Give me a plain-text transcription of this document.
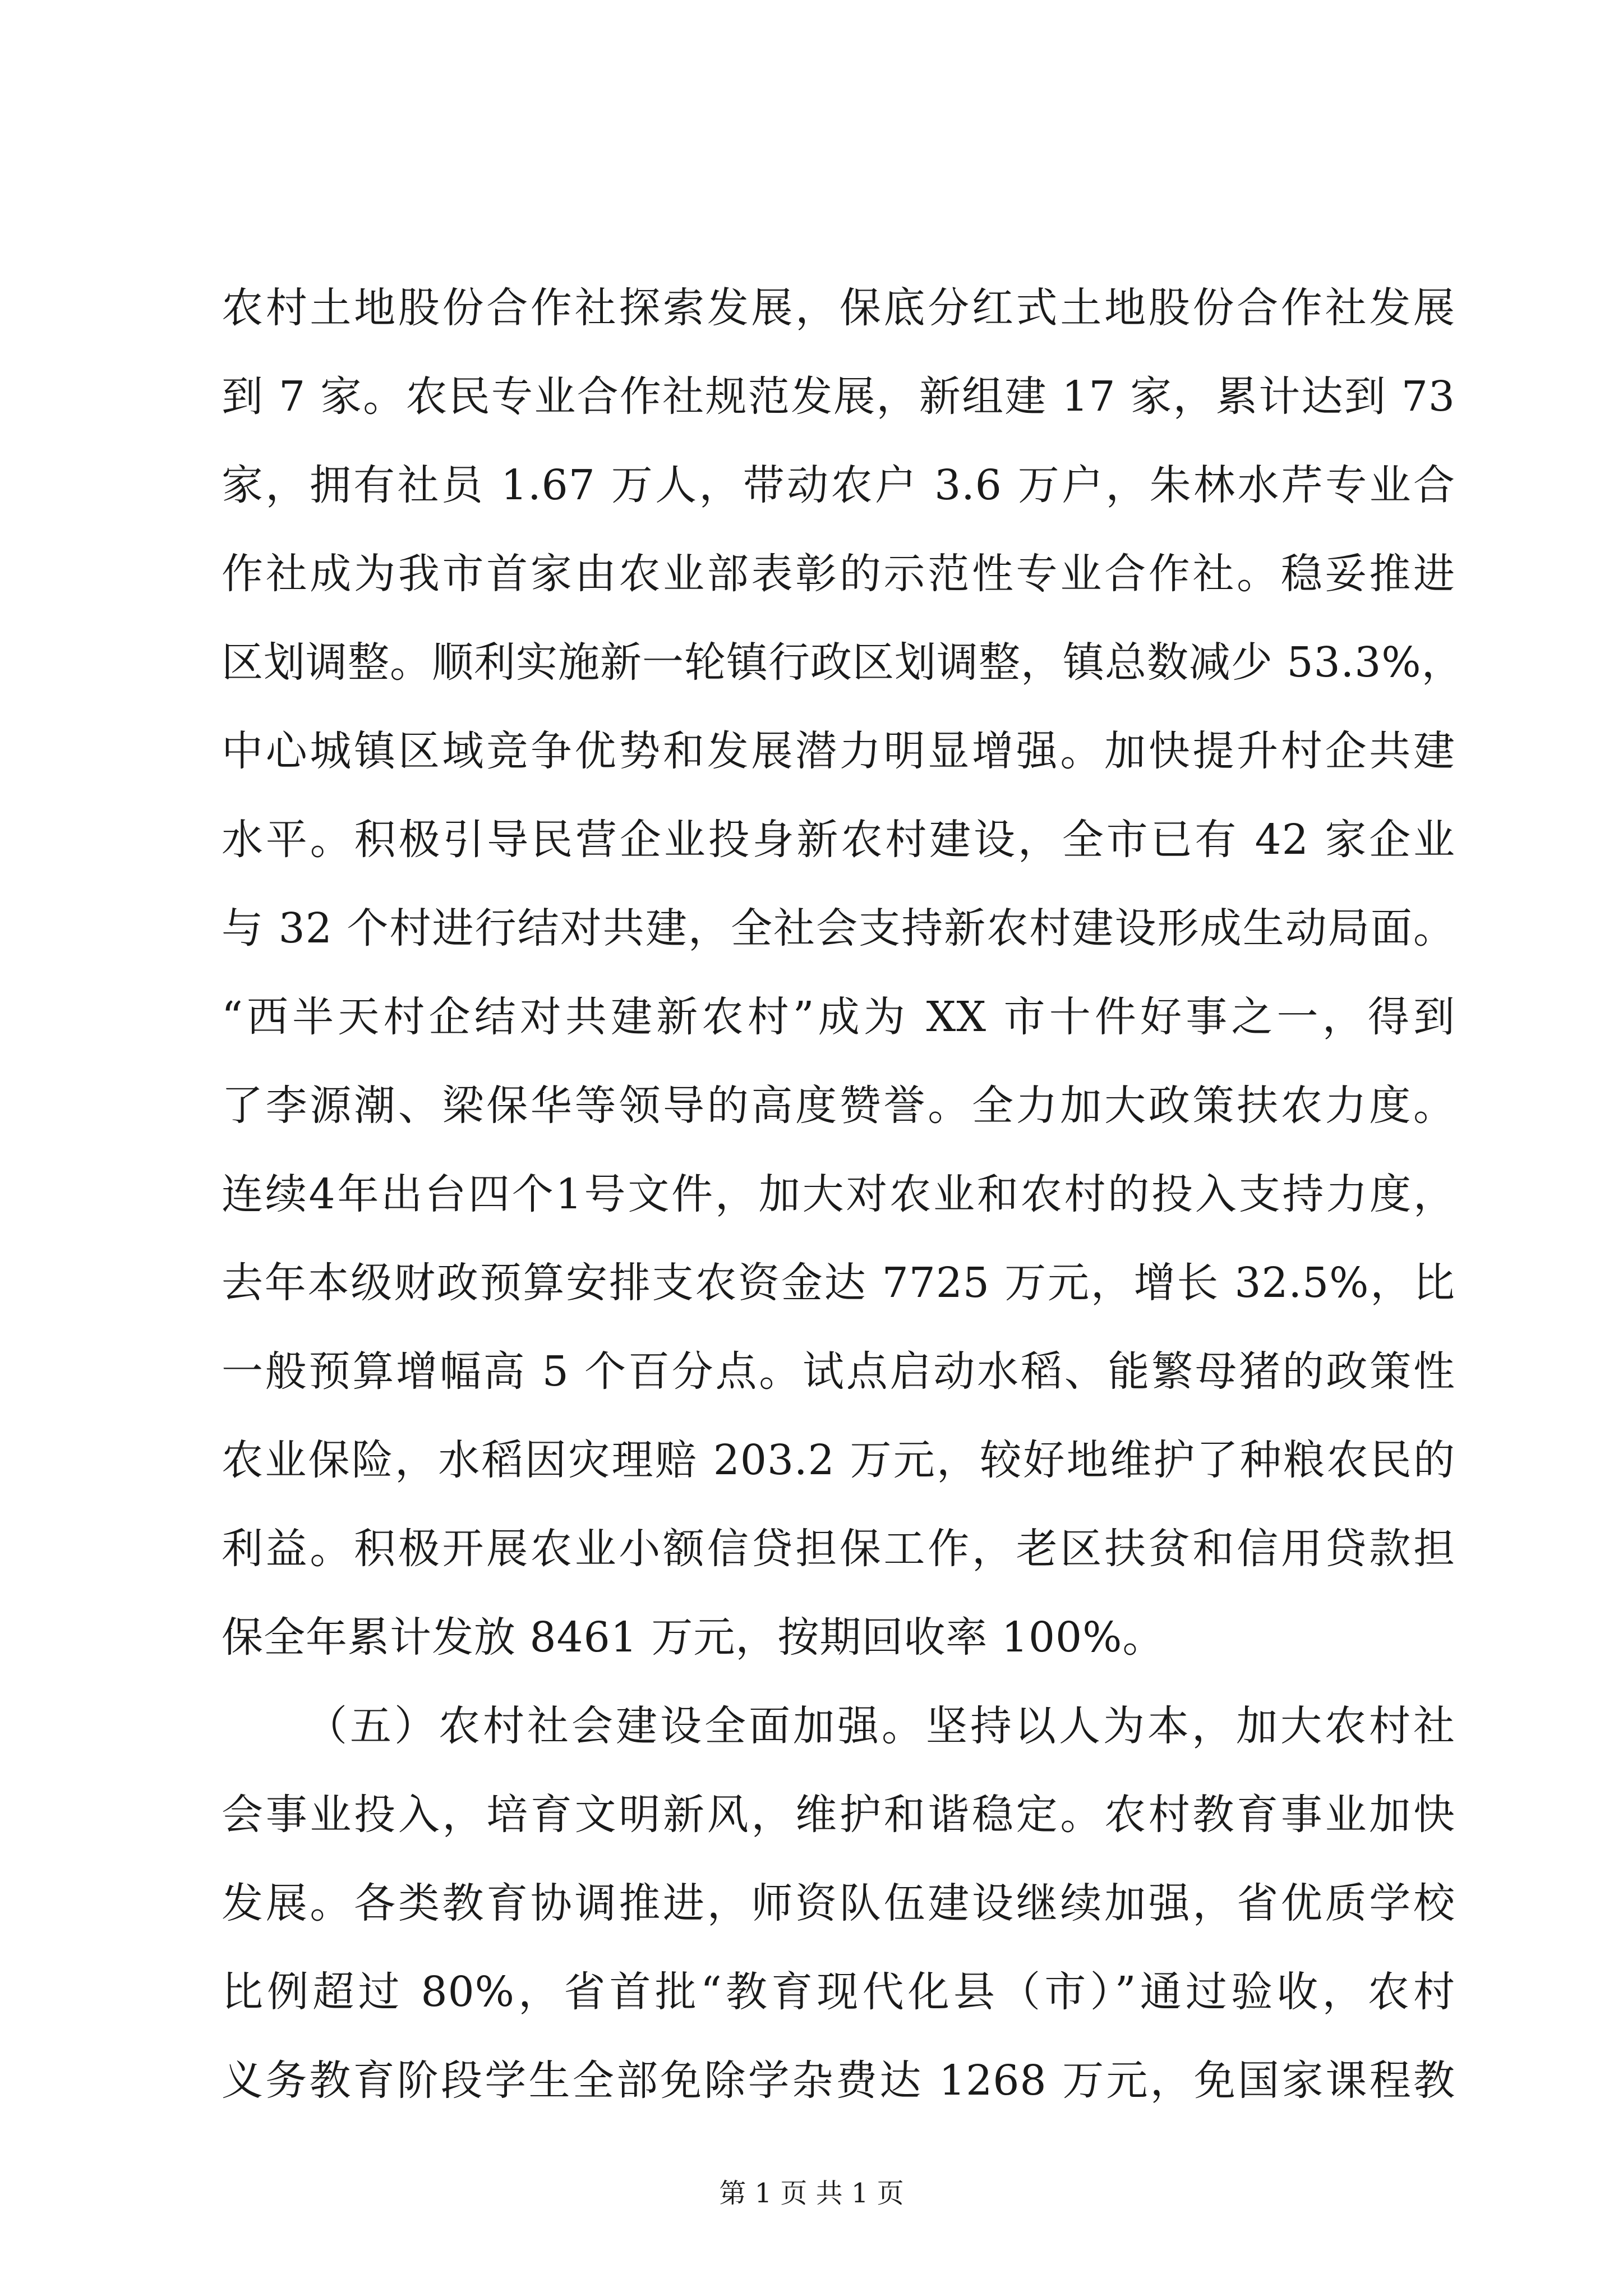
农村土地股份合作社探索发展，保底分红式土地股份合作社发展
到 7 家。农民专业合作社规范发展，新组建 17 家，累计达到 73
家，拥有社员 1.67 万人，带动农户 3.6 万户，朱林水芹专业合
作社成为我市首家由农业部表彰的示范性专业合作社。稳妥推进
区划调整。顺利实施新一轮镇行政区划调整，镇总数减少 53.3%，
中心城镇区域竞争优势和发展潜力明显增强。加快提升村企共建
水平。积极引导民营企业投身新农村建设，全市已有 42 家企业
与 32 个村进行结对共建，全社会支持新农村建设形成生动局面。
“西半天村企结对共建新农村”成为 XX 市十件好事之一，得到
了李源潮、梁保华等领导的高度赞誉。全力加大政策扶农力度。
连续4年出台四个1号文件，加大对农业和农村的投入支持力度，
去年本级财政预算安排支农资金达 7725 万元，增长 32.5%，比
一般预算增幅高 5 个百分点。试点启动水稻、能繁母猪的政策性
农业保险，水稻因灾理赔 203.2 万元，较好地维护了种粮农民的
利益。积极开展农业小额信贷担保工作，老区扶贫和信用贷款担
保全年累计发放 8461 万元，按期回收率 100%。
（五）农村社会建设全面加强。坚持以人为本，加大农村社
会事业投入，培育文明新风，维护和谐稳定。农村教育事业加快
发展。各类教育协调推进，师资队伍建设继续加强，省优质学校
比例超过 80%，省首批“教育现代化县（市）”通过验收，农村
义务教育阶段学生全部免除学杂费达 1268 万元，免国家课程教
第 1 页 共 1 页
